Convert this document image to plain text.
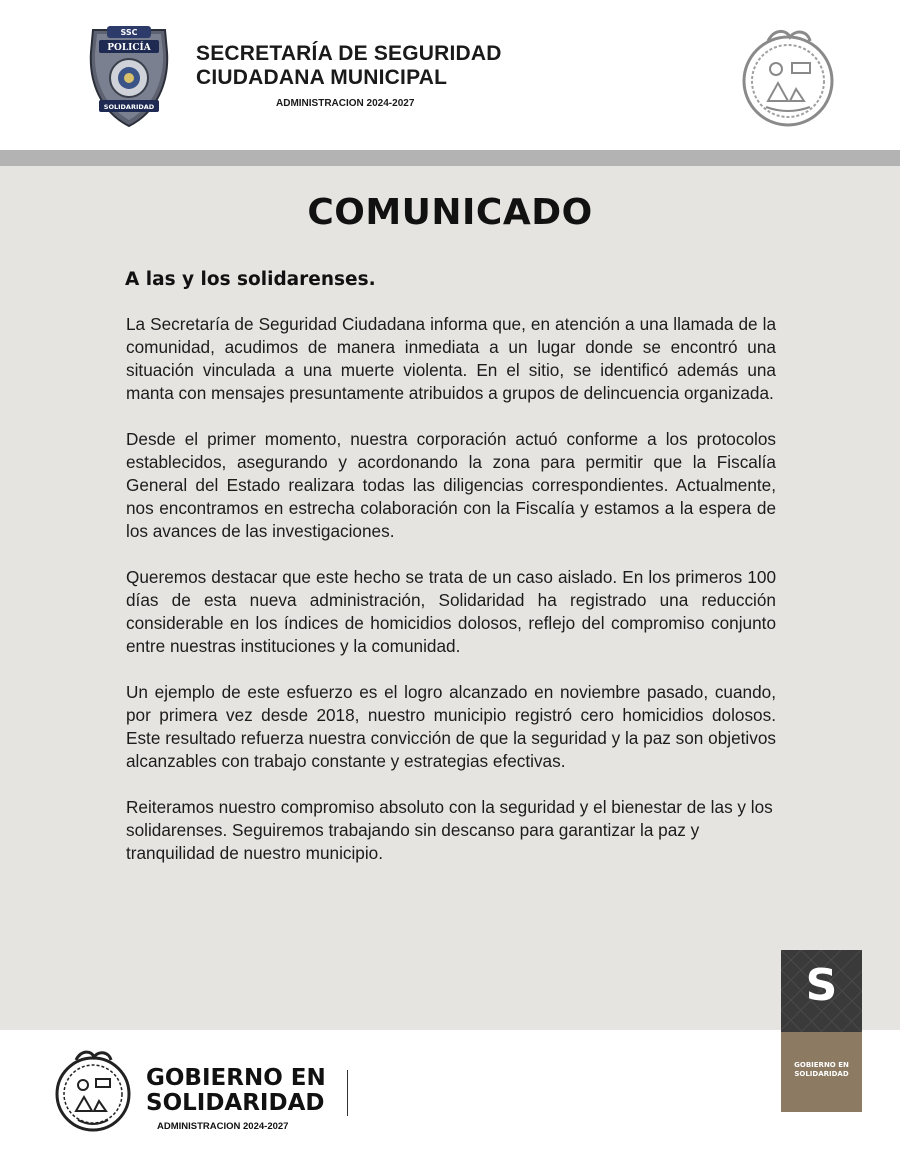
SSC
POLICÍA
SOLIDARIDAD
SECRETARÍA DE SEGURIDAD
CIUDADANA MUNICIPAL
ADMINISTRACION 2024-2027
COMUNICADO
A las y los solidarenses.

La Secretaría de Seguridad Ciudadana informa que, en atención a una llamada de la comunidad, acudimos de manera inmediata a un lugar donde se encontró una situación vinculada a una muerte violenta. En el sitio, se identificó además una manta con mensajes presuntamente atribuidos a grupos de delincuencia organizada.

Desde el primer momento, nuestra corporación actuó conforme a los protocolos establecidos, asegurando y acordonando la zona para permitir que la Fiscalía General del Estado realizara todas las diligencias correspondientes. Actualmente, nos encontramos en estrecha colaboración con la Fiscalía y estamos a la espera de los avances de las investigaciones.

Queremos destacar que este hecho se trata de un caso aislado. En los primeros 100 días de esta nueva administración, Solidaridad ha registrado una reducción considerable en los índices de homicidios dolosos, reflejo del compromiso conjunto entre nuestras instituciones y la comunidad.

Un ejemplo de este esfuerzo es el logro alcanzado en noviembre pasado, cuando, por primera vez desde 2018, nuestro municipio registró cero homicidios dolosos. Este resultado refuerza nuestra convicción de que la seguridad y la paz son objetivos alcanzables con trabajo constante y estrategias efectivas.

Reiteramos nuestro compromiso absoluto con la seguridad y el bienestar de las y los solidarenses. Seguiremos trabajando sin descanso para garantizar la paz y tranquilidad de nuestro municipio.

GOBIERNO EN
SOLIDARIDAD
ADMINISTRACION 2024-2027
S
GOBIERNO EN
SOLIDARIDAD
